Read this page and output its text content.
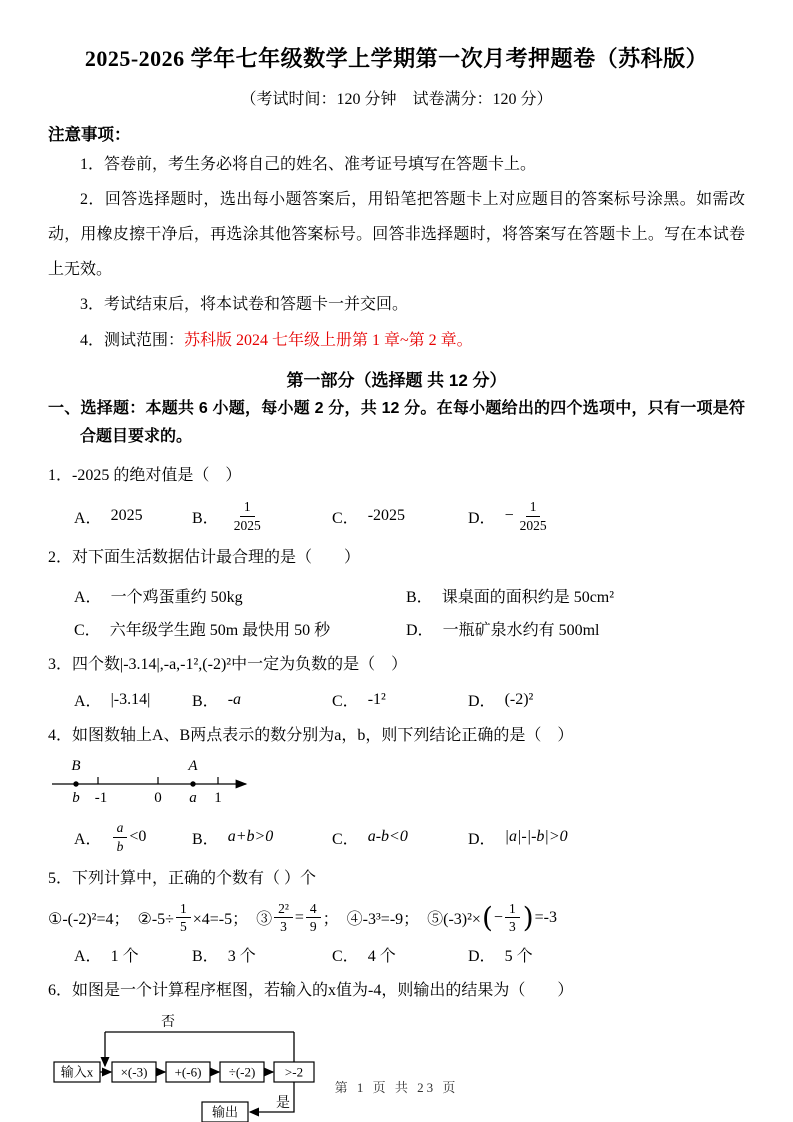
2025-2026 学年七年级数学上学期第一次月考押题卷（苏科版）
（考试时间：120 分钟　试卷满分：120 分）
注意事项：

1．答卷前，考生务必将自己的姓名、准考证号填写在答题卡上。

2．回答选择题时，选出每小题答案后，用铅笔把答题卡上对应题目的答案标号涂黑。如需改动，用橡皮擦干净后，再选涂其他答案标号。回答非选择题时，将答案写在答题卡上。写在本试卷上无效。

3．考试结束后，将本试卷和答题卡一并交回。

4．测试范围：苏科版 2024 七年级上册第 1 章~第 2 章。

第一部分（选择题 共 12 分）

一、选择题：本题共 6 小题，每小题 2 分，共 12 分。在每小题给出的四个选项中，只有一项是符合题目要求的。

1．-2025 的绝对值是（　）

A． 2025	B． $\frac{1}{2025}$	C． -2025	D． − $\frac{1}{2025}$

2．对下面生活数据估计最合理的是（　　）

A． 一个鸡蛋重约 50kg	B． 课桌面的面积约是 50cm²
C． 六年级学生跑 50m 最快用 50 秒	D． 一瓶矿泉水约有 500ml

3．四个数|-3.14|,-a,-1²,(-2)²中一定为负数的是（　）

A． |-3.14|	B． -a	C． -1²	D． (-2)²

4．如图数轴上A、B两点表示的数分别为a，b，则下列结论正确的是（　）

B	A
b -1	0 a 1
A． $\frac{a}{b} <0$	B． a+b>0	C． a-b<0	D． |a|-|-b|>0

5．下列计算中，正确的个数有（ ）个

①-(-2)²=4；　②-5÷ $\frac{1}{5} \times 4=-5$；　③ $\frac{\text{2²}}{3} = \frac{4}{9}$ ；　④-3³=-9；　⑤(-3)²× ( − $\frac{1}{3}$ ) =-3
A． 1 个	B． 3 个	C． 4 个	D． 5 个

6．如图是一个计算程序框图，若输入的x值为-4，则输出的结果为（　　）

否
输入x ×(-3) +(-6) ÷(-2) >-2
是
输出
第 1 页 共 23 页
